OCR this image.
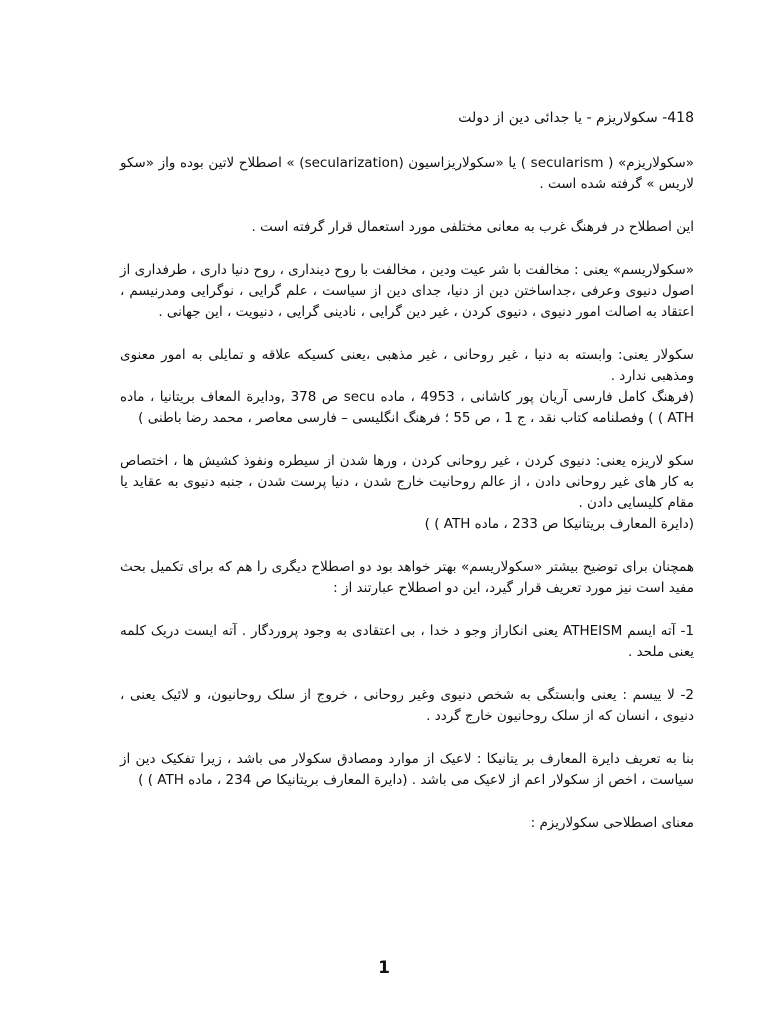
418- سکولاریزم - یا جدائی دین از دولت

«سکولاریزم» ( secularism ) یا «سکولاریزاسیون (secularization) » اصطلاح لاتین بوده واز «سکو لاریس » گرفته شده است .

این اصطلاح در فرهنگ غرب به معانی مختلفی مورد استعمال قرار گرفته است .

«سکولاریسم» یعنی : مخالفت با شر عیت ودین ، مخالفت با روح دینداری ، روح دنیا داری ، طرفداری از اصول دنیوی وعرفی ،جداساختن دین از دنیا، جدای دین از سیاست ، علم گرایی ، نوگرایی ومدرنیسم ، اعتقاد به اصالت امور دنیوی ، دنیوی کردن ، غیر دین گرایی ، نادینی گرایی ، دنیویت ، این جهانی .

سکولار یعنی: وابسته به دنیا ، غیر روحانی ، غیر مذهبی ،یعنی کسیکه علاقه و تمایلی به امور معنوی ومذهبی ندارد .

(فرهنگ کامل فارسی آریان پور کاشانی ، 4953 ، ماده secu ص 378 ,ودایرة المعاف بریتانیا ، ماده ATH ) ) وفصلنامه کتاب نقد ، ج 1 ، ص 55 ؛ فرهنگ انگلیسی – فارسی معاصر ، محمد رضا باطنی )

سکو لاریزه یعنی: دنیوی کردن ، غیر روحانی کردن ، ورها شدن از سیطره ونفوذ کشیش ها ، اختصاص به کار های غیر روحانی دادن ، از عالم روحانیت خارج شدن ، دنیا پرست شدن ، جنبه دنیوی به عقاید یا مقام کلیسایی دادن .

(دایرة المعارف بریتانیکا ص 233 ، ماده ATH ) )

همچنان برای توضیح بیشتر «سکولاریسم» بهتر خواهد بود دو اصطلاح دیگری را هم که برای تکمیل بحث مفید است نیز مورد تعریف قرار گیرد، این دو اصطلاح عبارتند از :

1- آته ایسم ATHEISM یعنی انکاراز وجو د خدا ، بی اعتقادی به وجود پروردگار . آته ایست دریک کلمه یعنی ملحد .

2- لا ییسم : یعنی وابستگی به شخص دنیوی وغیر روحانی ، خروج از سلک روحانیون، و لائیک یعنی ، دنیوی ، انسان که از سلک روحانیون خارج گردد .

بنا به تعریف دایرة المعارف بر یتانیکا : لاعیک از موارد ومصادق سکولار می باشد ، زیرا تفکیک دین از سیاست ، اخص از سکولار اعم از لاعیک می باشد . (دایرة المعارف بریتانیکا ص 234 ، ماده ATH ) )

معنای اصطلاحی سکولاریزم :

1
